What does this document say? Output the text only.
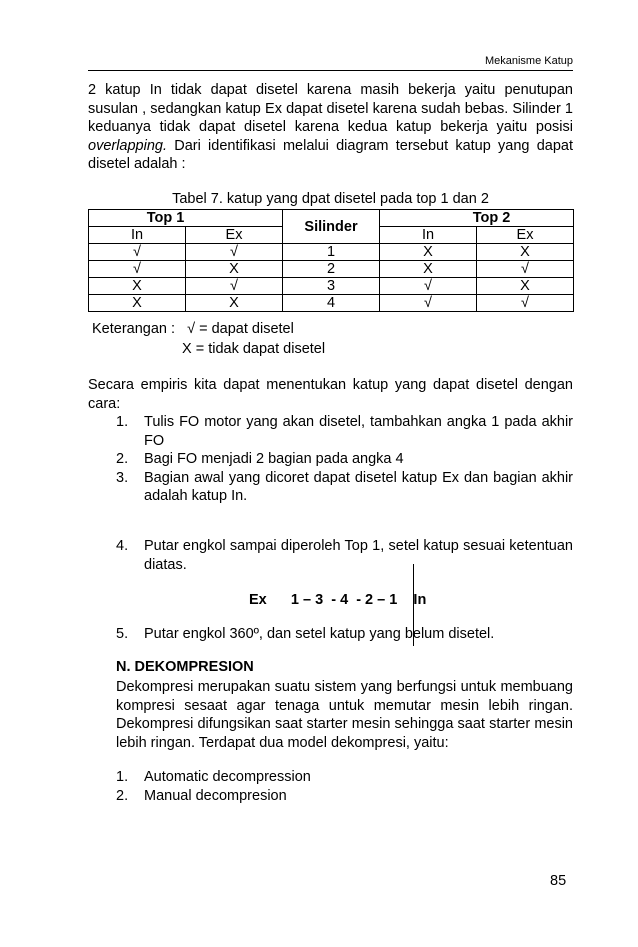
Mekanisme Katup

2 katup In tidak dapat disetel karena masih bekerja yaitu penutupan susulan , sedangkan katup Ex dapat disetel karena sudah bebas. Silinder 1 keduanya tidak dapat disetel karena kedua katup bekerja yaitu posisi overlapping. Dari identifikasi melalui diagram tersebut katup yang dapat disetel adalah :

Tabel 7. katup yang dpat disetel pada top 1 dan 2
Top 1		Silinder	Top 2	
In	Ex		In	Ex
√	√	1	X	X
√	X	2	X	√
X	√	3	√	X
X	X	4	√	√
Keterangan :   √ = dapat disetel
X = tidak dapat disetel

Secara empiris kita dapat menentukan katup yang dapat disetel dengan cara:

1. Tulis FO motor yang akan disetel, tambahkan angka 1 pada akhir FO
2. Bagi FO menjadi 2 bagian pada angka 4
3. Bagian awal yang dicoret dapat disetel katup Ex dan bagian akhir adalah katup In.
4. Putar engkol sampai diperoleh Top 1, setel katup sesuai ketentuan diatas.
Ex      1 – 3  - 4  - 2 – 1    In
5. Putar engkol 360º, dan setel katup yang belum disetel.
N. DEKOMPRESION

Dekompresi merupakan suatu sistem yang berfungsi untuk membuang kompresi sesaat agar tenaga untuk memutar mesin lebih ringan. Dekompresi difungsikan saat starter mesin sehingga saat starter mesin lebih ringan. Terdapat dua model dekompresi, yaitu:

1. Automatic decompression
2. Manual decompresion
85
